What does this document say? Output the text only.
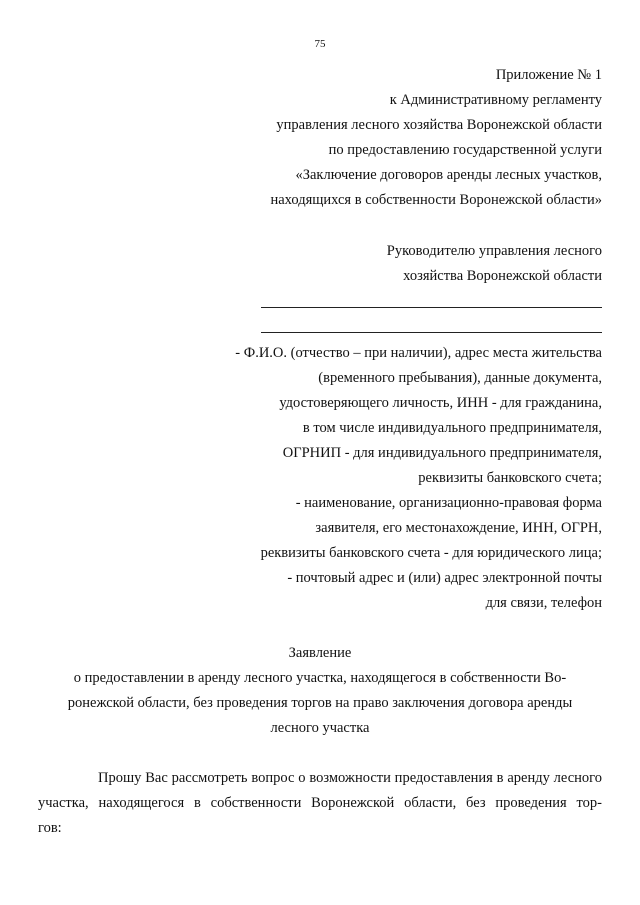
75
Приложение № 1
к Административному регламенту
управления лесного хозяйства Воронежской области
по предоставлению государственной услуги
«Заключение договоров аренды лесных участков,
находящихся в собственности Воронежской области»
Руководителю управления лесного
хозяйства Воронежской области
- Ф.И.О. (отчество – при наличии), адрес места жительства
(временного пребывания), данные документа,
удостоверяющего личность, ИНН - для гражданина,
в том числе индивидуального предпринимателя,
ОГРНИП - для индивидуального предпринимателя,
реквизиты банковского счета;
- наименование, организационно-правовая форма
заявителя, его местонахождение, ИНН, ОГРН,
реквизиты банковского счета - для юридического лица;
- почтовый адрес и (или) адрес электронной почты
для связи, телефон
Заявление
о предоставлении в аренду лесного участка, находящегося в собственности Во-
ронежской области, без проведения торгов на право заключения договора аренды
лесного участка
Прошу Вас рассмотреть вопрос о возможности предоставления в аренду лесного
участка, находящегося в собственности Воронежской области, без проведения тор-
гов:
